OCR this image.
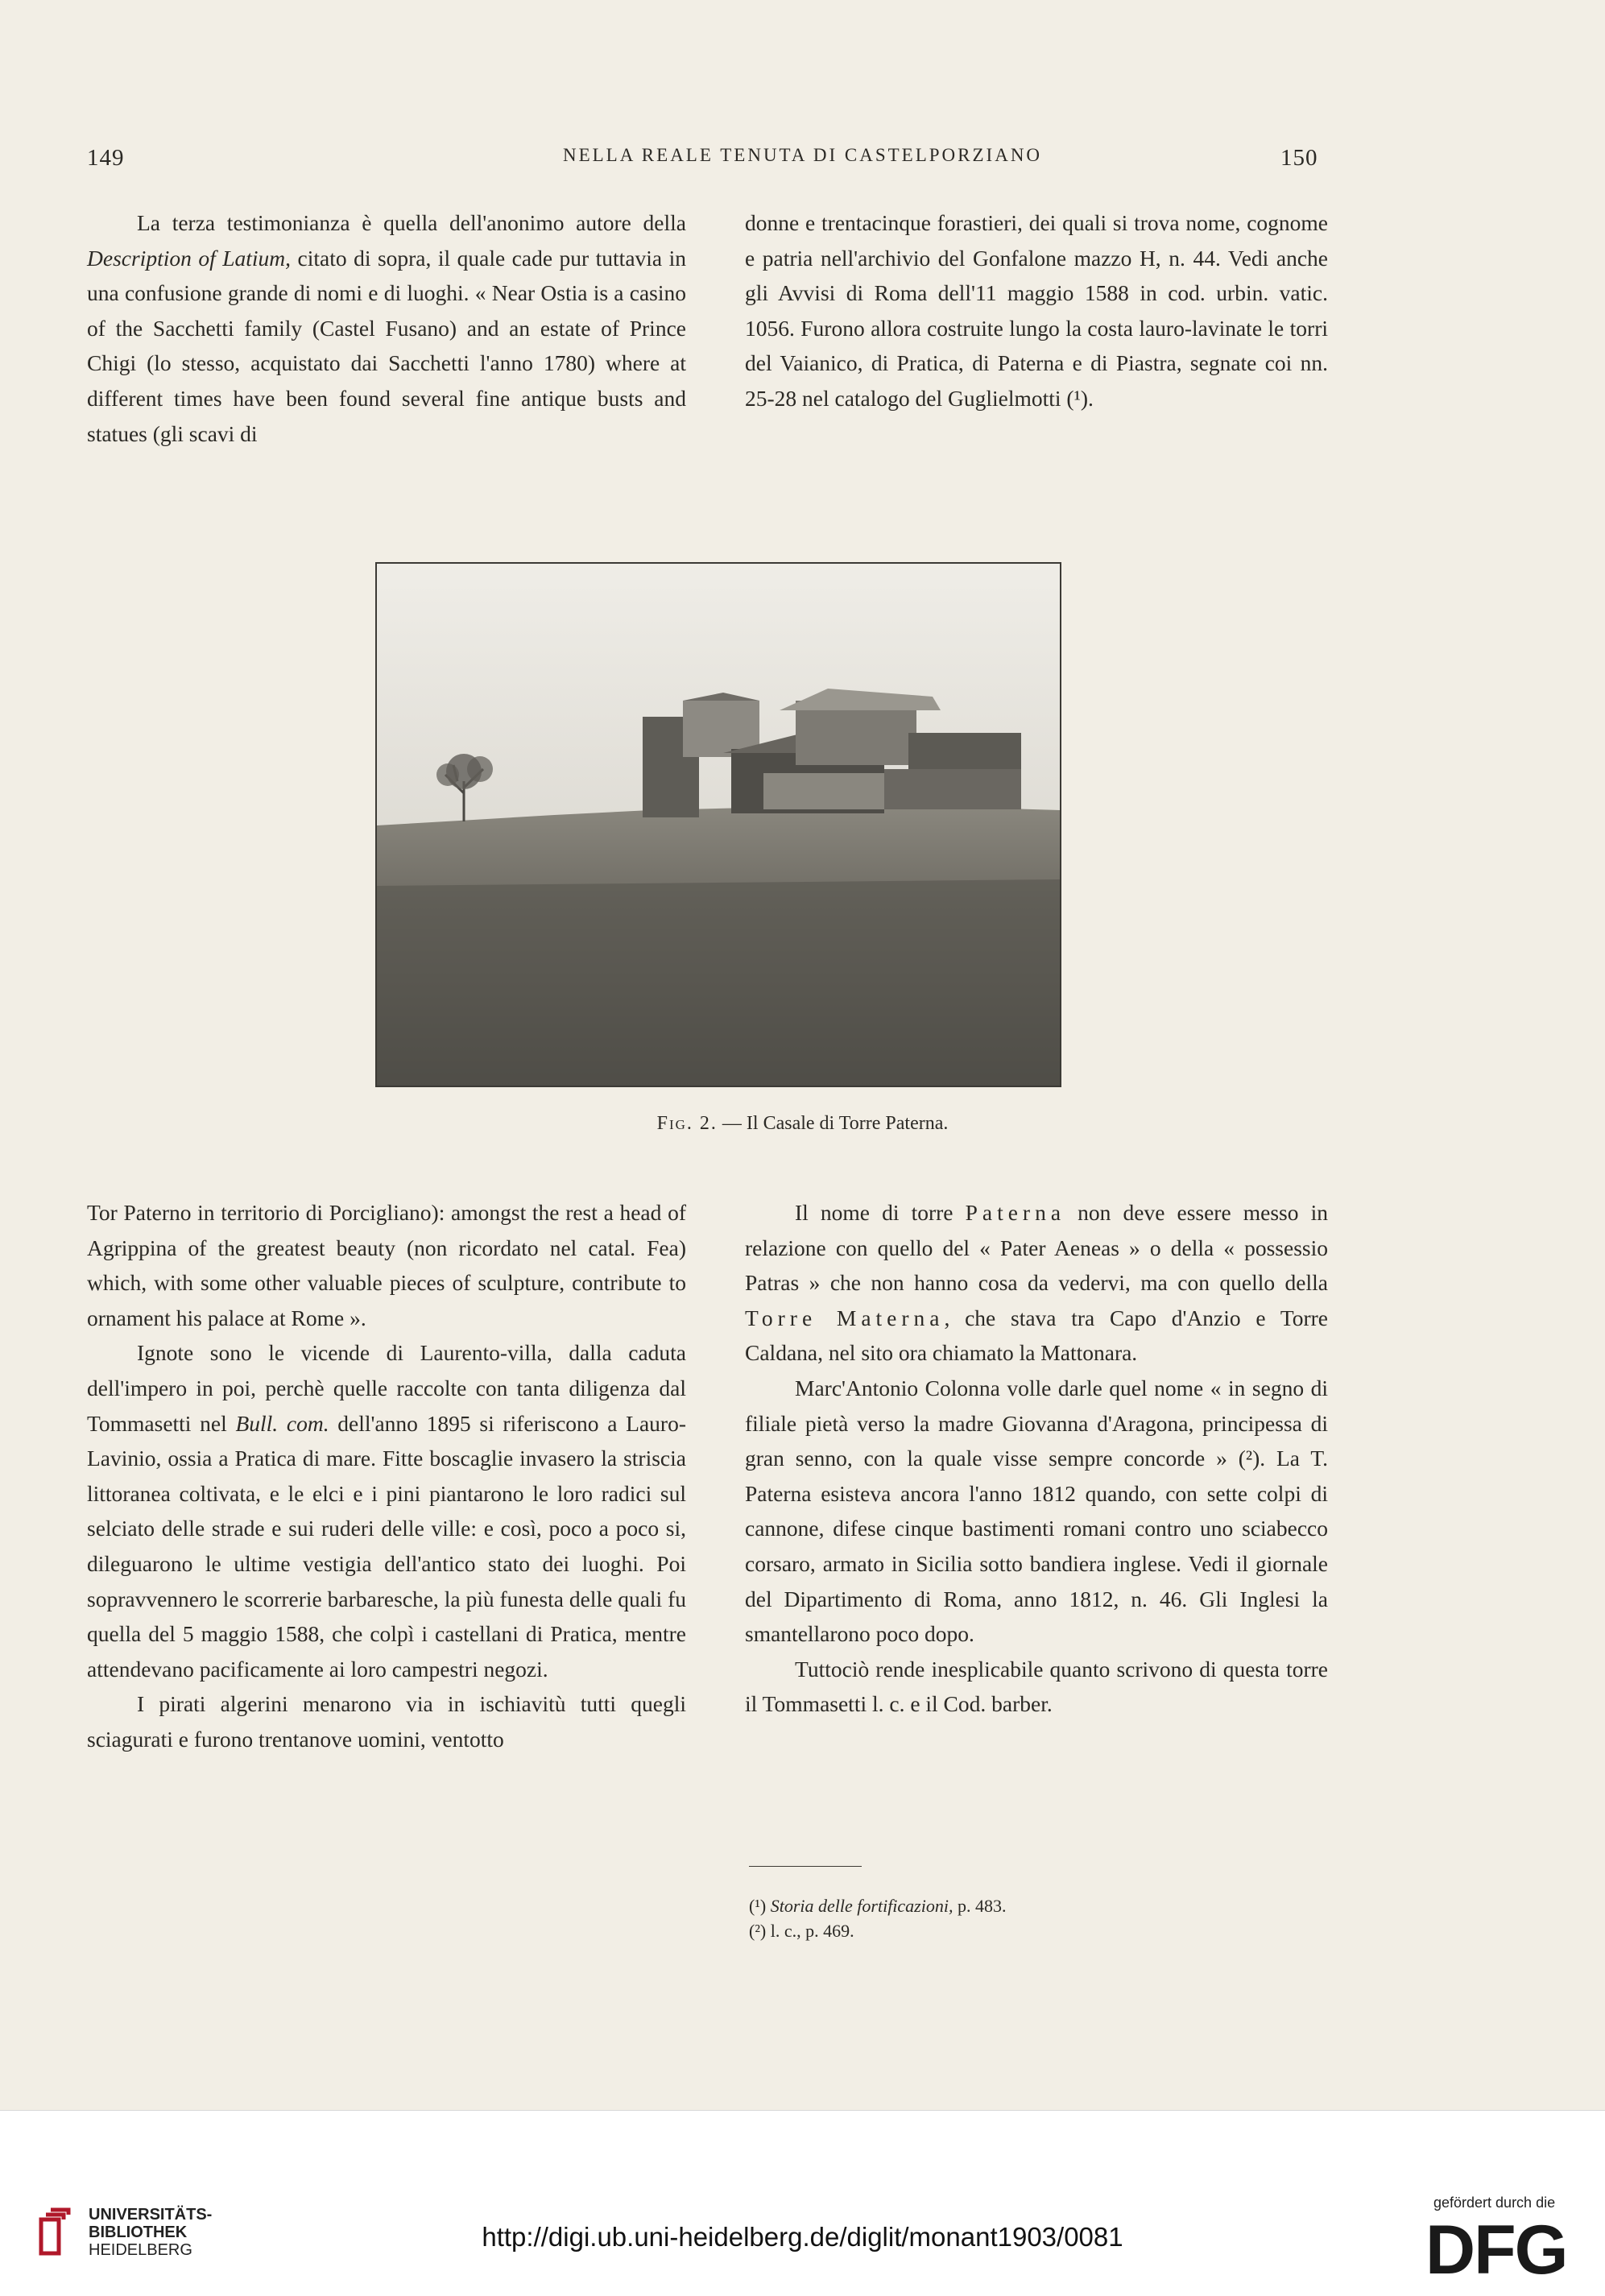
149	NELLA REALE TENUTA DI CASTELPORZIANO	150

La terza testimonianza è quella dell'anonimo autore della Description of Latium, citato di sopra, il quale cade pur tuttavia in una confusione grande di nomi e di luoghi. « Near Ostia is a casino of the Sacchetti family (Castel Fusano) and an estate of Prince Chigi (lo stesso, acquistato dai Sacchetti l'anno 1780) where at different times have been found several fine antique busts and statues (gli scavi di

donne e trentacinque forastieri, dei quali si trova nome, cognome e patria nell'archivio del Gonfalone mazzo H, n. 44. Vedi anche gli Avvisi di Roma dell'11 maggio 1588 in cod. urbin. vatic. 1056. Furono allora costruite lungo la costa lauro-lavinate le torri del Vaianico, di Pratica, di Paterna e di Piastra, segnate coi nn. 25-28 nel catalogo del Guglielmotti (¹).

Fig. 2. — Il Casale di Torre Paterna.

Tor Paterno in territorio di Porcigliano): amongst the rest a head of Agrippina of the greatest beauty (non ricordato nel catal. Fea) which, with some other valuable pieces of sculpture, contribute to ornament his palace at Rome ».

Ignote sono le vicende di Laurento-villa, dalla caduta dell'impero in poi, perchè quelle raccolte con tanta diligenza dal Tommasetti nel Bull. com. dell'anno 1895 si riferiscono a Lauro-Lavinio, ossia a Pratica di mare. Fitte boscaglie invasero la striscia littoranea coltivata, e le elci e i pini piantarono le loro radici sul selciato delle strade e sui ruderi delle ville: e così, poco a poco si, dileguarono le ultime vestigia dell'antico stato dei luoghi. Poi sopravvennero le scorrerie barbaresche, la più funesta delle quali fu quella del 5 maggio 1588, che colpì i castellani di Pratica, mentre attendevano pacificamente ai loro campestri negozi.

I pirati algerini menarono via in ischiavitù tutti quegli sciagurati e furono trentanove uomini, ventotto

Il nome di torre Paterna non deve essere messo in relazione con quello del « Pater Aeneas » o della « possessio Patras » che non hanno cosa da vedervi, ma con quello della Torre Materna, che stava tra Capo d'Anzio e Torre Caldana, nel sito ora chiamato la Mattonara.

Marc'Antonio Colonna volle darle quel nome « in segno di filiale pietà verso la madre Giovanna d'Aragona, principessa di gran senno, con la quale visse sempre concorde » (²). La T. Paterna esisteva ancora l'anno 1812 quando, con sette colpi di cannone, difese cinque bastimenti romani contro uno sciabecco corsaro, armato in Sicilia sotto bandiera inglese. Vedi il giornale del Dipartimento di Roma, anno 1812, n. 46. Gli Inglesi la smantellarono poco dopo.

Tuttociò rende inesplicabile quanto scrivono di questa torre il Tommasetti l. c. e il Cod. barber.

(¹) Storia delle fortificazioni, p. 483.
(²) l. c., p. 469.
UNIVERSITÄTS-
BIBLIOTHEK
HEIDELBERG	http://digi.ub.uni-heidelberg.de/diglit/monant1903/0081
gefördert durch die
DFG
